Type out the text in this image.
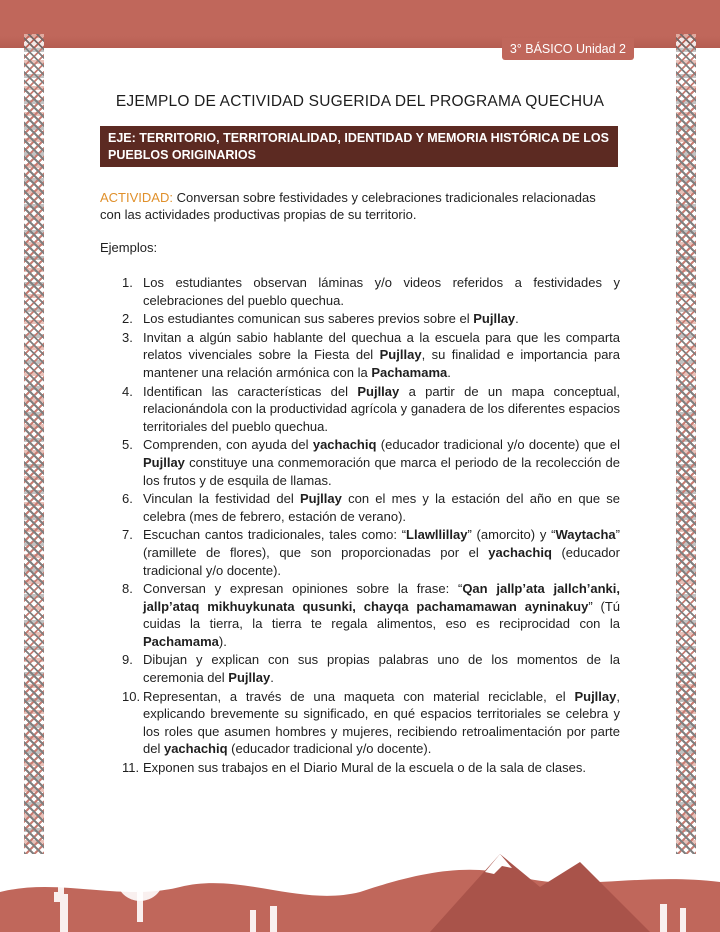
3° BÁSICO Unidad 2
EJEMPLO DE ACTIVIDAD SUGERIDA DEL PROGRAMA QUECHUA
EJE: TERRITORIO, TERRITORIALIDAD, IDENTIDAD Y MEMORIA HISTÓRICA DE LOS PUEBLOS ORIGINARIOS
ACTIVIDAD: Conversan sobre festividades y celebraciones tradicionales relacionadas con las actividades productivas propias de su territorio.
Ejemplos:
1. Los estudiantes observan láminas y/o videos referidos a festividades y celebraciones del pueblo quechua.
2. Los estudiantes comunican sus saberes previos sobre el Pujllay.
3. Invitan a algún sabio hablante del quechua a la escuela para que les comparta relatos vivenciales sobre la Fiesta del Pujllay, su finalidad e importancia para mantener una relación armónica con la Pachamama.
4. Identifican las características del Pujllay a partir de un mapa conceptual, relacionándola con la productividad agrícola y ganadera de los diferentes espacios territoriales del pueblo quechua.
5. Comprenden, con ayuda del yachachiq (educador tradicional y/o docente) que el Pujllay constituye una conmemoración que marca el periodo de la recolección de los frutos y de esquila de llamas.
6. Vinculan la festividad del Pujllay con el mes y la estación del año en que se celebra (mes de febrero, estación de verano).
7. Escuchan cantos tradicionales, tales como: “Llawllillay” (amorcito) y “Waytacha” (ramillete de flores), que son proporcionadas por el yachachiq (educador tradicional y/o docente).
8. Conversan y expresan opiniones sobre la frase: “Qan jallp’ata jallch’anki, jallp’ataq mikhuykunata qusunki, chayqa pachamamawan ayninakuy” (Tú cuidas la tierra, la tierra te regala alimentos, eso es reciprocidad con la Pachamama).
9. Dibujan y explican con sus propias palabras uno de los momentos de la ceremonia del Pujllay.
10. Representan, a través de una maqueta con material reciclable, el Pujllay, explicando brevemente su significado, en qué espacios territoriales se celebra y los roles que asumen hombres y mujeres, recibiendo retroalimentación por parte del yachachiq (educador tradicional y/o docente).
11. Exponen sus trabajos en el Diario Mural de la escuela o de la sala de clases.
